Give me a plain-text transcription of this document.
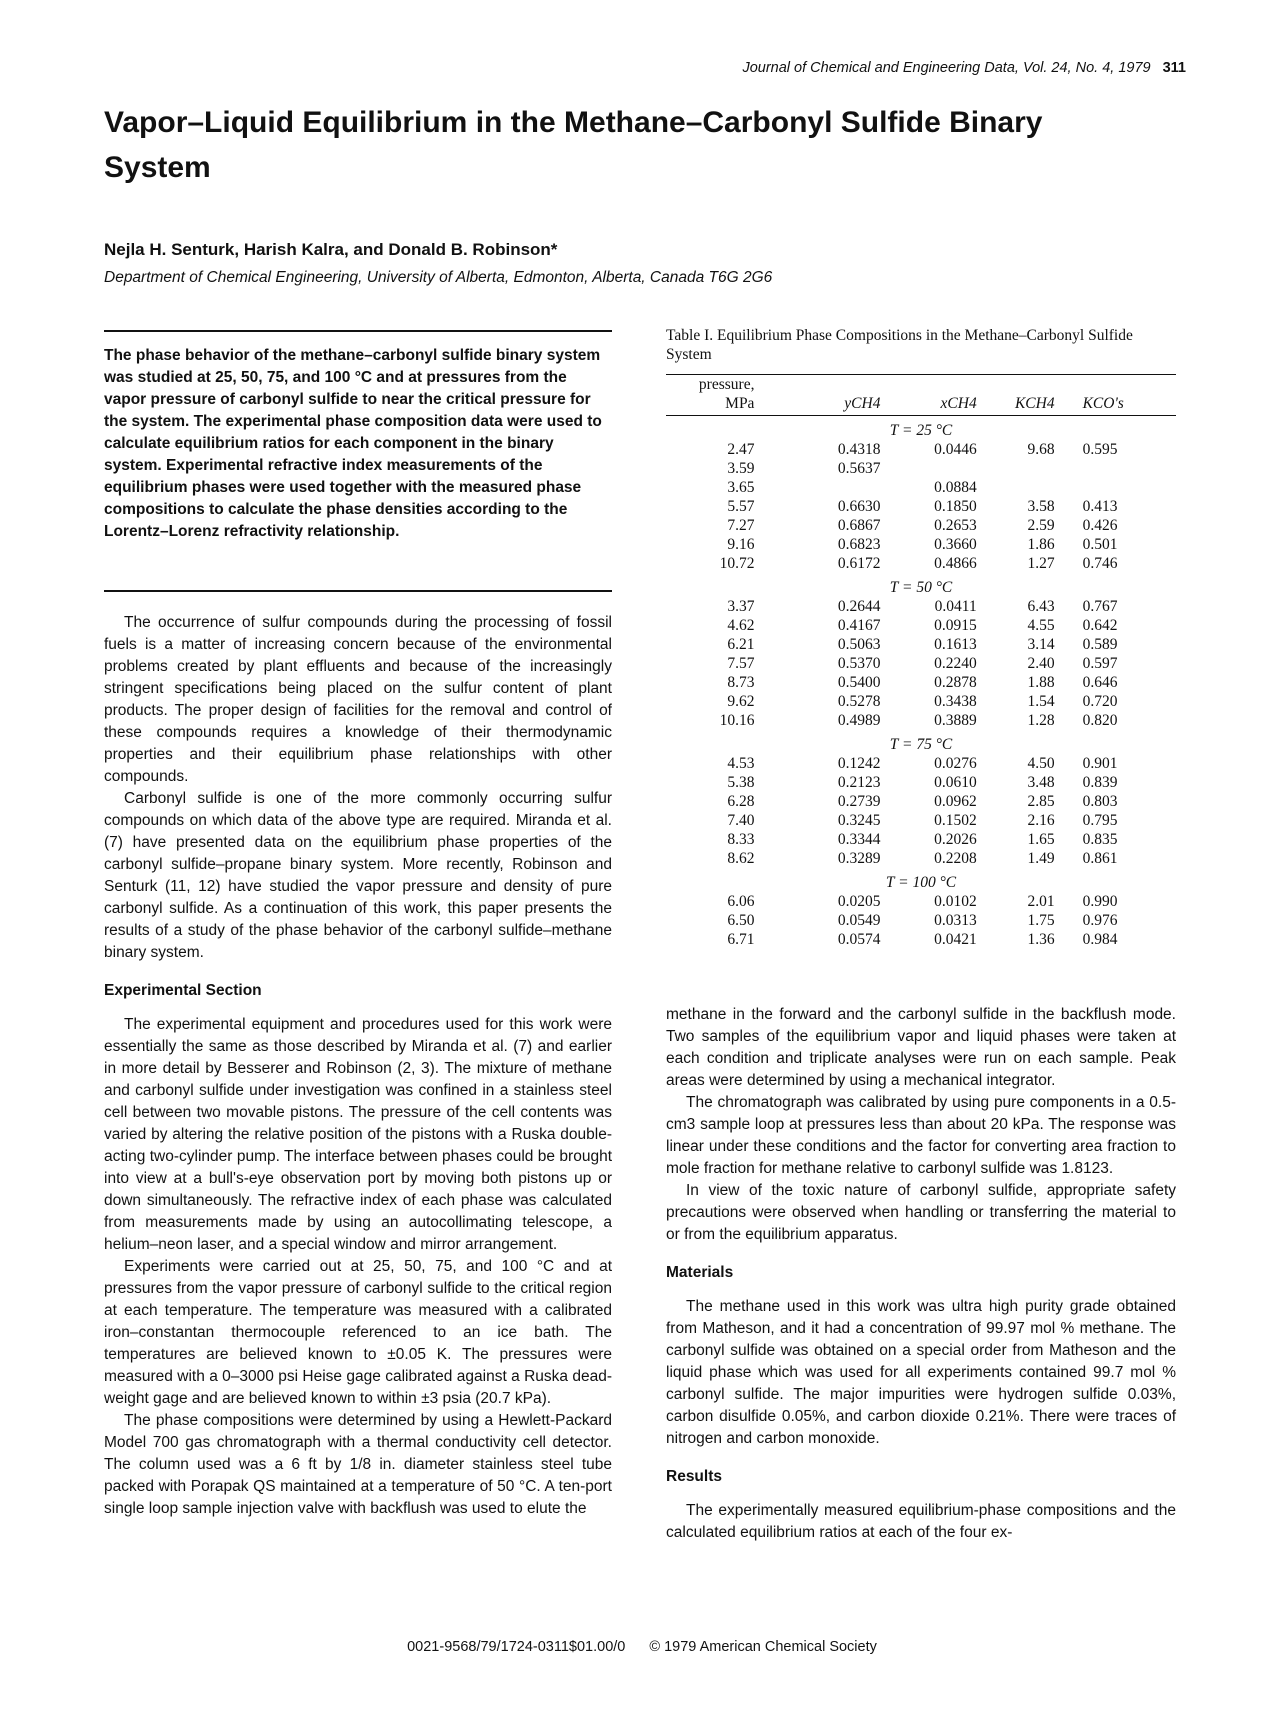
Journal of Chemical and Engineering Data, Vol. 24, No. 4, 1979 311
Vapor–Liquid Equilibrium in the Methane–Carbonyl Sulfide Binary System
Nejla H. Senturk, Harish Kalra, and Donald B. Robinson*
Department of Chemical Engineering, University of Alberta, Edmonton, Alberta, Canada T6G 2G6
The phase behavior of the methane–carbonyl sulfide binary system was studied at 25, 50, 75, and 100 °C and at pressures from the vapor pressure of carbonyl sulfide to near the critical pressure for the system. The experimental phase composition data were used to calculate equilibrium ratios for each component in the binary system. Experimental refractive index measurements of the equilibrium phases were used together with the measured phase compositions to calculate the phase densities according to the Lorentz–Lorenz refractivity relationship.

The occurrence of sulfur compounds during the processing of fossil fuels is a matter of increasing concern because of the environmental problems created by plant effluents and because of the increasingly stringent specifications being placed on the sulfur content of plant products. The proper design of facilities for the removal and control of these compounds requires a knowledge of their thermodynamic properties and their equilibrium phase relationships with other compounds.

Carbonyl sulfide is one of the more commonly occurring sulfur compounds on which data of the above type are required. Miranda et al. (7) have presented data on the equilibrium phase properties of the carbonyl sulfide–propane binary system. More recently, Robinson and Senturk (11, 12) have studied the vapor pressure and density of pure carbonyl sulfide. As a continuation of this work, this paper presents the results of a study of the phase behavior of the carbonyl sulfide–methane binary system.

Experimental Section

The experimental equipment and procedures used for this work were essentially the same as those described by Miranda et al. (7) and earlier in more detail by Besserer and Robinson (2, 3). The mixture of methane and carbonyl sulfide under investigation was confined in a stainless steel cell between two movable pistons. The pressure of the cell contents was varied by altering the relative position of the pistons with a Ruska double-acting two-cylinder pump. The interface between phases could be brought into view at a bull's-eye observation port by moving both pistons up or down simultaneously. The refractive index of each phase was calculated from measurements made by using an autocollimating telescope, a helium–neon laser, and a special window and mirror arrangement.

Experiments were carried out at 25, 50, 75, and 100 °C and at pressures from the vapor pressure of carbonyl sulfide to the critical region at each temperature. The temperature was measured with a calibrated iron–constantan thermocouple referenced to an ice bath. The temperatures are believed known to ±0.05 K. The pressures were measured with a 0–3000 psi Heise gage calibrated against a Ruska dead-weight gage and are believed known to within ±3 psia (20.7 kPa).

The phase compositions were determined by using a Hewlett-Packard Model 700 gas chromatograph with a thermal conductivity cell detector. The column used was a 6 ft by 1/8 in. diameter stainless steel tube packed with Porapak QS maintained at a temperature of 50 °C. A ten-port single loop sample injection valve with backflush was used to elute the

Table I. Equilibrium Phase Compositions in the Methane–Carbonyl Sulfide System
pressure, MPa	yCH4	xCH4	KCH4	KCO's
T = 25 °C				
2.47	0.4318	0.0446	9.68	0.595
3.59	0.5637			
3.65		0.0884		
5.57	0.6630	0.1850	3.58	0.413
7.27	0.6867	0.2653	2.59	0.426
9.16	0.6823	0.3660	1.86	0.501
10.72	0.6172	0.4866	1.27	0.746
T = 50 °C				
3.37	0.2644	0.0411	6.43	0.767
4.62	0.4167	0.0915	4.55	0.642
6.21	0.5063	0.1613	3.14	0.589
7.57	0.5370	0.2240	2.40	0.597
8.73	0.5400	0.2878	1.88	0.646
9.62	0.5278	0.3438	1.54	0.720
10.16	0.4989	0.3889	1.28	0.820
T = 75 °C				
4.53	0.1242	0.0276	4.50	0.901
5.38	0.2123	0.0610	3.48	0.839
6.28	0.2739	0.0962	2.85	0.803
7.40	0.3245	0.1502	2.16	0.795
8.33	0.3344	0.2026	1.65	0.835
8.62	0.3289	0.2208	1.49	0.861
T = 100 °C				
6.06	0.0205	0.0102	2.01	0.990
6.50	0.0549	0.0313	1.75	0.976
6.71	0.0574	0.0421	1.36	0.984

methane in the forward and the carbonyl sulfide in the backflush mode. Two samples of the equilibrium vapor and liquid phases were taken at each condition and triplicate analyses were run on each sample. Peak areas were determined by using a mechanical integrator.

The chromatograph was calibrated by using pure components in a 0.5-cm3 sample loop at pressures less than about 20 kPa. The response was linear under these conditions and the factor for converting area fraction to mole fraction for methane relative to carbonyl sulfide was 1.8123.

In view of the toxic nature of carbonyl sulfide, appropriate safety precautions were observed when handling or transferring the material to or from the equilibrium apparatus.

Materials

The methane used in this work was ultra high purity grade obtained from Matheson, and it had a concentration of 99.97 mol % methane. The carbonyl sulfide was obtained on a special order from Matheson and the liquid phase which was used for all experiments contained 99.7 mol % carbonyl sulfide. The major impurities were hydrogen sulfide 0.03%, carbon disulfide 0.05%, and carbon dioxide 0.21%. There were traces of nitrogen and carbon monoxide.

Results

The experimentally measured equilibrium-phase compositions and the calculated equilibrium ratios at each of the four ex-

0021-9568/79/1724-0311$01.00/0 © 1979 American Chemical Society
